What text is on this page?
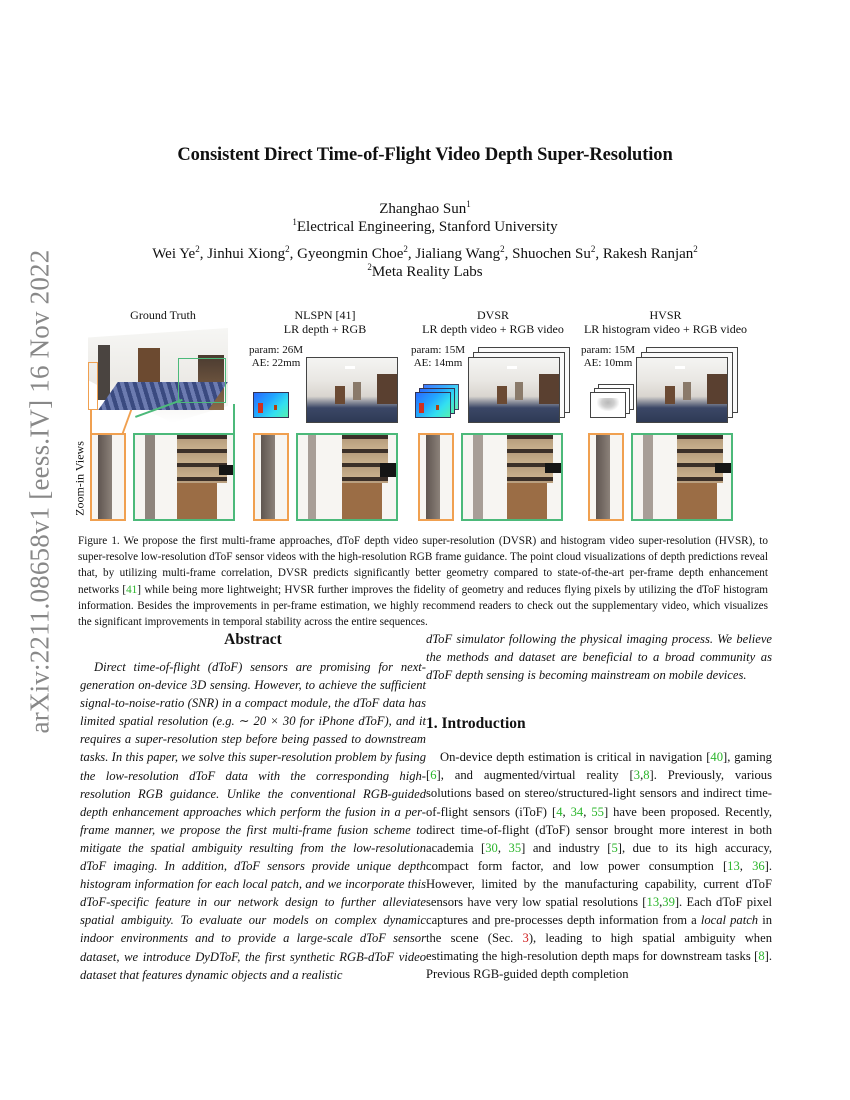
arXiv:2211.08658v1 [eess.IV] 16 Nov 2022
Consistent Direct Time-of-Flight Video Depth Super-Resolution
Zhanghao Sun$^1$
$^1$Electrical Engineering, Stanford University
Wei Ye$^2$, Jinhui Xiong$^2$, Gyeongmin Choe$^2$, Jialiang Wang$^2$, Shuochen Su$^2$, Rakesh Ranjan$^2$
$^2$Meta Reality Labs
Ground Truth	NLSPN [41]
LR depth + RGB
DVSR
LR depth video + RGB video
HVSR
LR histogram video + RGB video
param: 26M
AE: 22mm
param: 15M
AE: 14mm
param: 15M
AE: 10mm
Zoom-in Views
Figure 1. We propose the first multi-frame approaches, dToF depth video super-resolution (DVSR) and histogram video super-resolution (HVSR), to super-resolve low-resolution dToF sensor videos with the high-resolution RGB frame guidance. The point cloud visualizations of depth predictions reveal that, by utilizing multi-frame correlation, DVSR predicts significantly better geometry compared to state-of-the-art per-frame depth enhancement networks [41] while being more lightweight; HVSR further improves the fidelity of geometry and reduces flying pixels by utilizing the dToF histogram information. Besides the improvements in per-frame estimation, we highly recommend readers to check out the supplementary video, which visualizes the significant improvements in temporal stability across the entire sequences.
Abstract
Direct time-of-flight (dToF) sensors are promising for next-generation on-device 3D sensing. However, to achieve the sufficient signal-to-noise-ratio (SNR) in a compact module, the dToF data has limited spatial resolution (e.g. ∼ 20 × 30 for iPhone dToF), and it requires a super-resolution step before being passed to downstream tasks. In this paper, we solve this super-resolution problem by fusing the low-resolution dToF data with the corresponding high-resolution RGB guidance. Unlike the conventional RGB-guided depth enhancement approaches which perform the fusion in a per-frame manner, we propose the first multi-frame fusion scheme to mitigate the spatial ambiguity resulting from the low-resolution dToF imaging. In addition, dToF sensors provide unique depth histogram information for each local patch, and we incorporate this dToF-specific feature in our network design to further alleviate spatial ambiguity. To evaluate our models on complex dynamic indoor environments and to provide a large-scale dToF sensor dataset, we introduce DyDToF, the first synthetic RGB-dToF video dataset that features dynamic objects and a realistic
dToF simulator following the physical imaging process. We believe the methods and dataset are beneficial to a broad community as dToF depth sensing is becoming mainstream on mobile devices.
1. Introduction
On-device depth estimation is critical in navigation [40], gaming [6], and augmented/virtual reality [3,8]. Previously, various solutions based on stereo/structured-light sensors and indirect time-of-flight sensors (iToF) [4, 34, 55] have been proposed. Recently, direct time-of-flight (dToF) sensor brought more interest in both academia [30, 35] and industry [5], due to its high accuracy, compact form factor, and low power consumption [13, 36]. However, limited by the manufacturing capability, current dToF sensors have very low spatial resolutions [13,39]. Each dToF pixel captures and pre-processes depth information from a local patch in the scene (Sec. 3), leading to high spatial ambiguity when estimating the high-resolution depth maps for downstream tasks [8]. Previous RGB-guided depth completion
